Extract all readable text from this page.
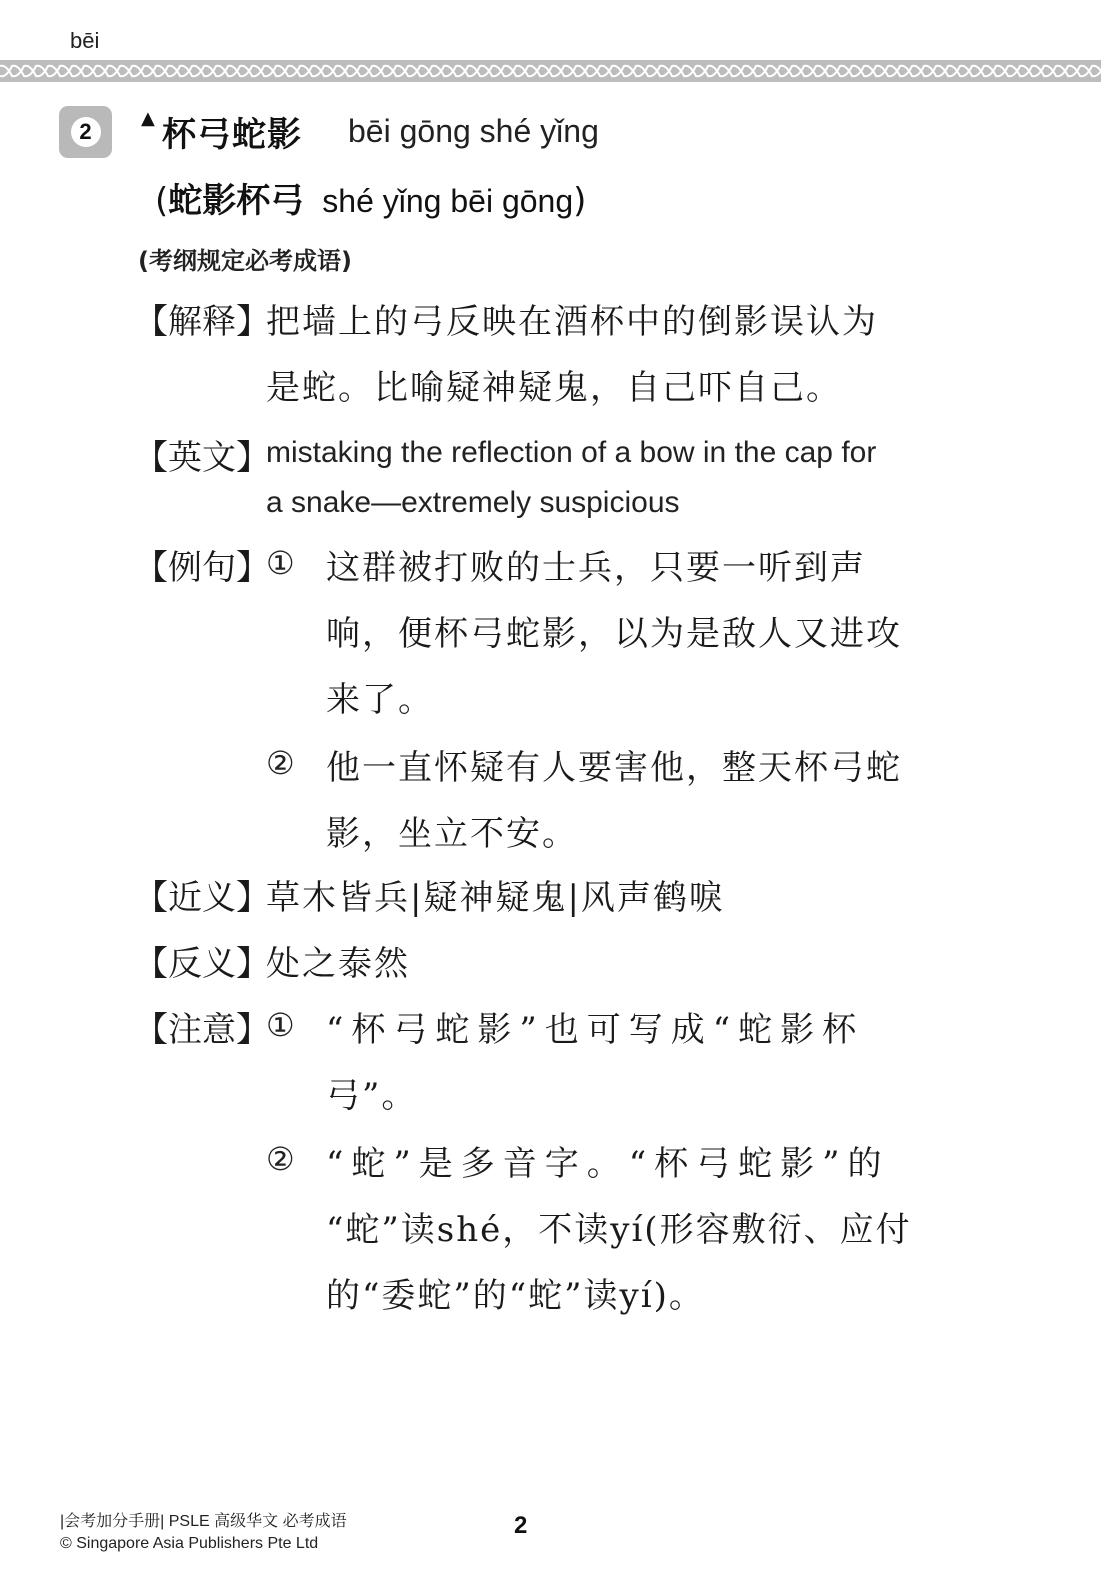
bēi
2
▲ 杯弓蛇影 bēi gōng shé yǐng
(蛇影杯弓 shé yǐng bēi gōng)
(考纲规定必考成语)
【解释】
把墙上的弓反映在酒杯中的倒影误认为
是蛇。比喻疑神疑鬼，自己吓自己。
【英文】
mistaking the reflection of a bow in the cap for
a snake—extremely suspicious
【例句】
① 这群被打败的士兵，只要一听到声
响，便杯弓蛇影，以为是敌人又进攻
来了。
② 他一直怀疑有人要害他，整天杯弓蛇
影，坐立不安。
【近义】
草木皆兵|疑神疑鬼|风声鹤唳
【反义】
处之泰然
【注意】
① “杯弓蛇影”也可写成“蛇影杯
弓”。
② “蛇”是多音字。“杯弓蛇影”的
“蛇”读shé，不读yí(形容敷衍、应付
的“委蛇”的“蛇”读yí)。
|会考加分手册| PSLE 高级华文 必考成语
© Singapore Asia Publishers Pte Ltd
2
